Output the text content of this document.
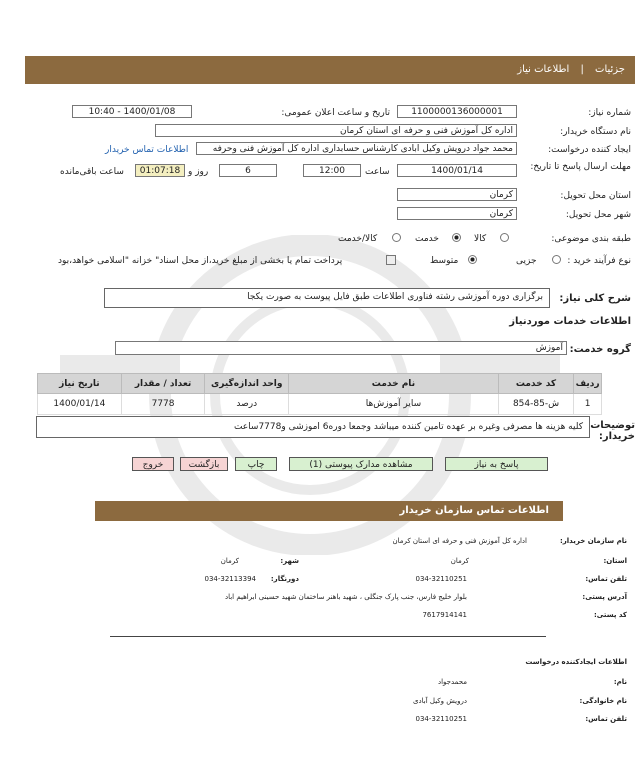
جزئیات | اطلاعات نیاز
شماره نیاز:
1100000136000001
تاریخ و ساعت اعلان عمومی:
1400/01/08 - 10:40
نام دستگاه خریدار:
اداره کل آموزش فنی و حرفه ای استان کرمان
ایجاد کننده درخواست:
محمد جواد درویش وکیل ابادی کارشناس حسابداری اداره کل آموزش فنی وحرفه
اطلاعات تماس خریدار
مهلت ارسال پاسخ تا تاریخ:
1400/01/14
ساعت
12:00
6
روز و
01:07:18
ساعت باقی‌مانده
استان محل تحویل:
کرمان
شهر محل تحویل:
کرمان
طبقه بندی موضوعی:
کالا
خدمت
کالا/خدمت
نوع فرآیند خرید :
جزیی
متوسط
پرداخت تمام یا بخشی از مبلغ خرید،از محل اسناد" خزانه "اسلامی خواهد،بود
شرح کلی نیاز:
برگزاری دوره آموزشی رشته فناوری اطلاعات طبق فایل پیوست به صورت یکجا
اطلاعات خدمات موردنیاز
گروه خدمت:
آموزش
ردیف	کد خدمت	نام خدمت	واحد اندازه‌گیری	تعداد / مقدار	تاریخ نیاز
1	ش-85-854	سایر آموزش‌ها	درصد	7778	1400/01/14
توضیحات خریدار:
کلیه هزینه ها مصرفی وغیره بر عهده تامین کننده میباشد وجمعا دوره6 اموزشی و7778ساعت
پاسخ به نیاز
مشاهده مدارک پیوستی (1)
چاپ
بازگشت
خروج
اطلاعات تماس سازمان خریدار
نام سازمان خریدار:
اداره کل آموزش فنی و حرفه ای استان کرمان
استان:
کرمان
شهر:
کرمان
تلفن تماس:
034-32110251
دورنگار:
034-32113394
آدرس پستی:
بلوار خلیج فارس، جنب پارک جنگلی ، شهید باهنر ساختمان شهید حسینی ابراهیم اباد
کد پستی:
7617914141
اطلاعات ایجادکننده درخواست
نام:
محمدجواد
نام خانوادگی:
درویش وکیل آبادی
تلفن تماس:
034-32110251
